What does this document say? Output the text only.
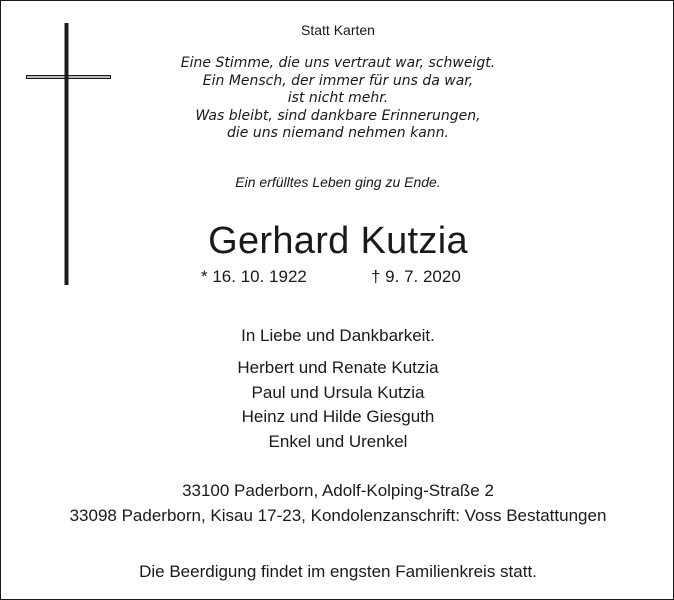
Statt Karten
Eine Stimme, die uns vertraut war, schweigt.
Ein Mensch, der immer für uns da war,
ist nicht mehr.
Was bleibt, sind dankbare Erinnerungen,
die uns niemand nehmen kann.
Ein erfülltes Leben ging zu Ende.
Gerhard Kutzia
* 16. 10. 1922	† 9. 7. 2020
In Liebe und Dankbarkeit.
Herbert und Renate Kutzia
Paul und Ursula Kutzia
Heinz und Hilde Giesguth
Enkel und Urenkel
33100 Paderborn, Adolf-Kolping-Straße 2
33098 Paderborn, Kisau 17-23, Kondolenzanschrift: Voss Bestattungen
Die Beerdigung findet im engsten Familienkreis statt.
